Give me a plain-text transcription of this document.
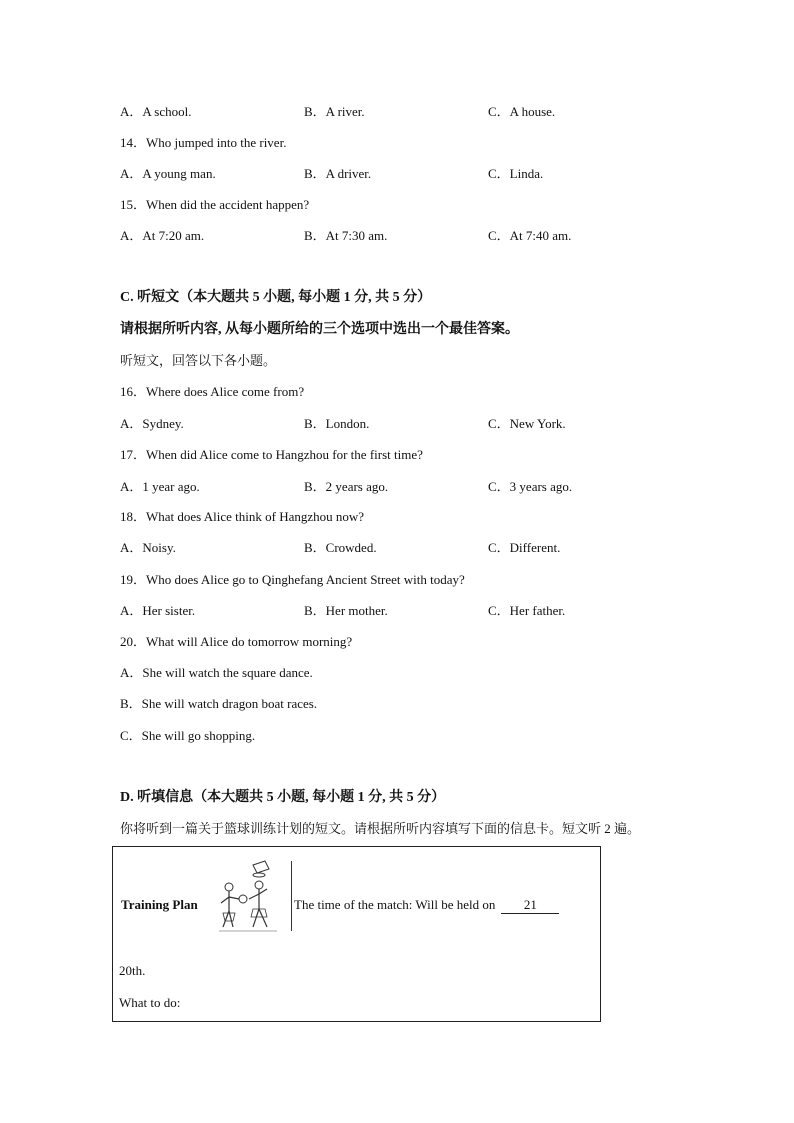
A．A school.	B．A river.	C．A house.
14．Who jumped into the river.
A．A young man.	B．A driver.	C．Linda.
15．When did the accident happen?
A．At 7:20 am.	B．At 7:30 am.	C．At 7:40 am.
C. 听短文（本大题共 5 小题, 每小题 1 分, 共 5 分）
请根据所听内容, 从每小题所给的三个选项中选出一个最佳答案。
听短文，回答以下各小题。
16．Where does Alice come from?
A．Sydney.	B．London.	C．New York.
17．When did Alice come to Hangzhou for the first time?
A．1 year ago.	B．2 years ago.	C．3 years ago.
18．What does Alice think of Hangzhou now?
A．Noisy.	B．Crowded.	C．Different.
19．Who does Alice go to Qinghefang Ancient Street with today?
A．Her sister.	B．Her mother.	C．Her father.
20．What will Alice do tomorrow morning?
A．She will watch the square dance.
B．She will watch dragon boat races.
C．She will go shopping.
D. 听填信息（本大题共 5 小题, 每小题 1 分, 共 5 分）
你将听到一篇关于篮球训练计划的短文。请根据所听内容填写下面的信息卡。短文听 2 遍。
Training Plan	The time of the match: Will be held on 21
20th.
What to do:
